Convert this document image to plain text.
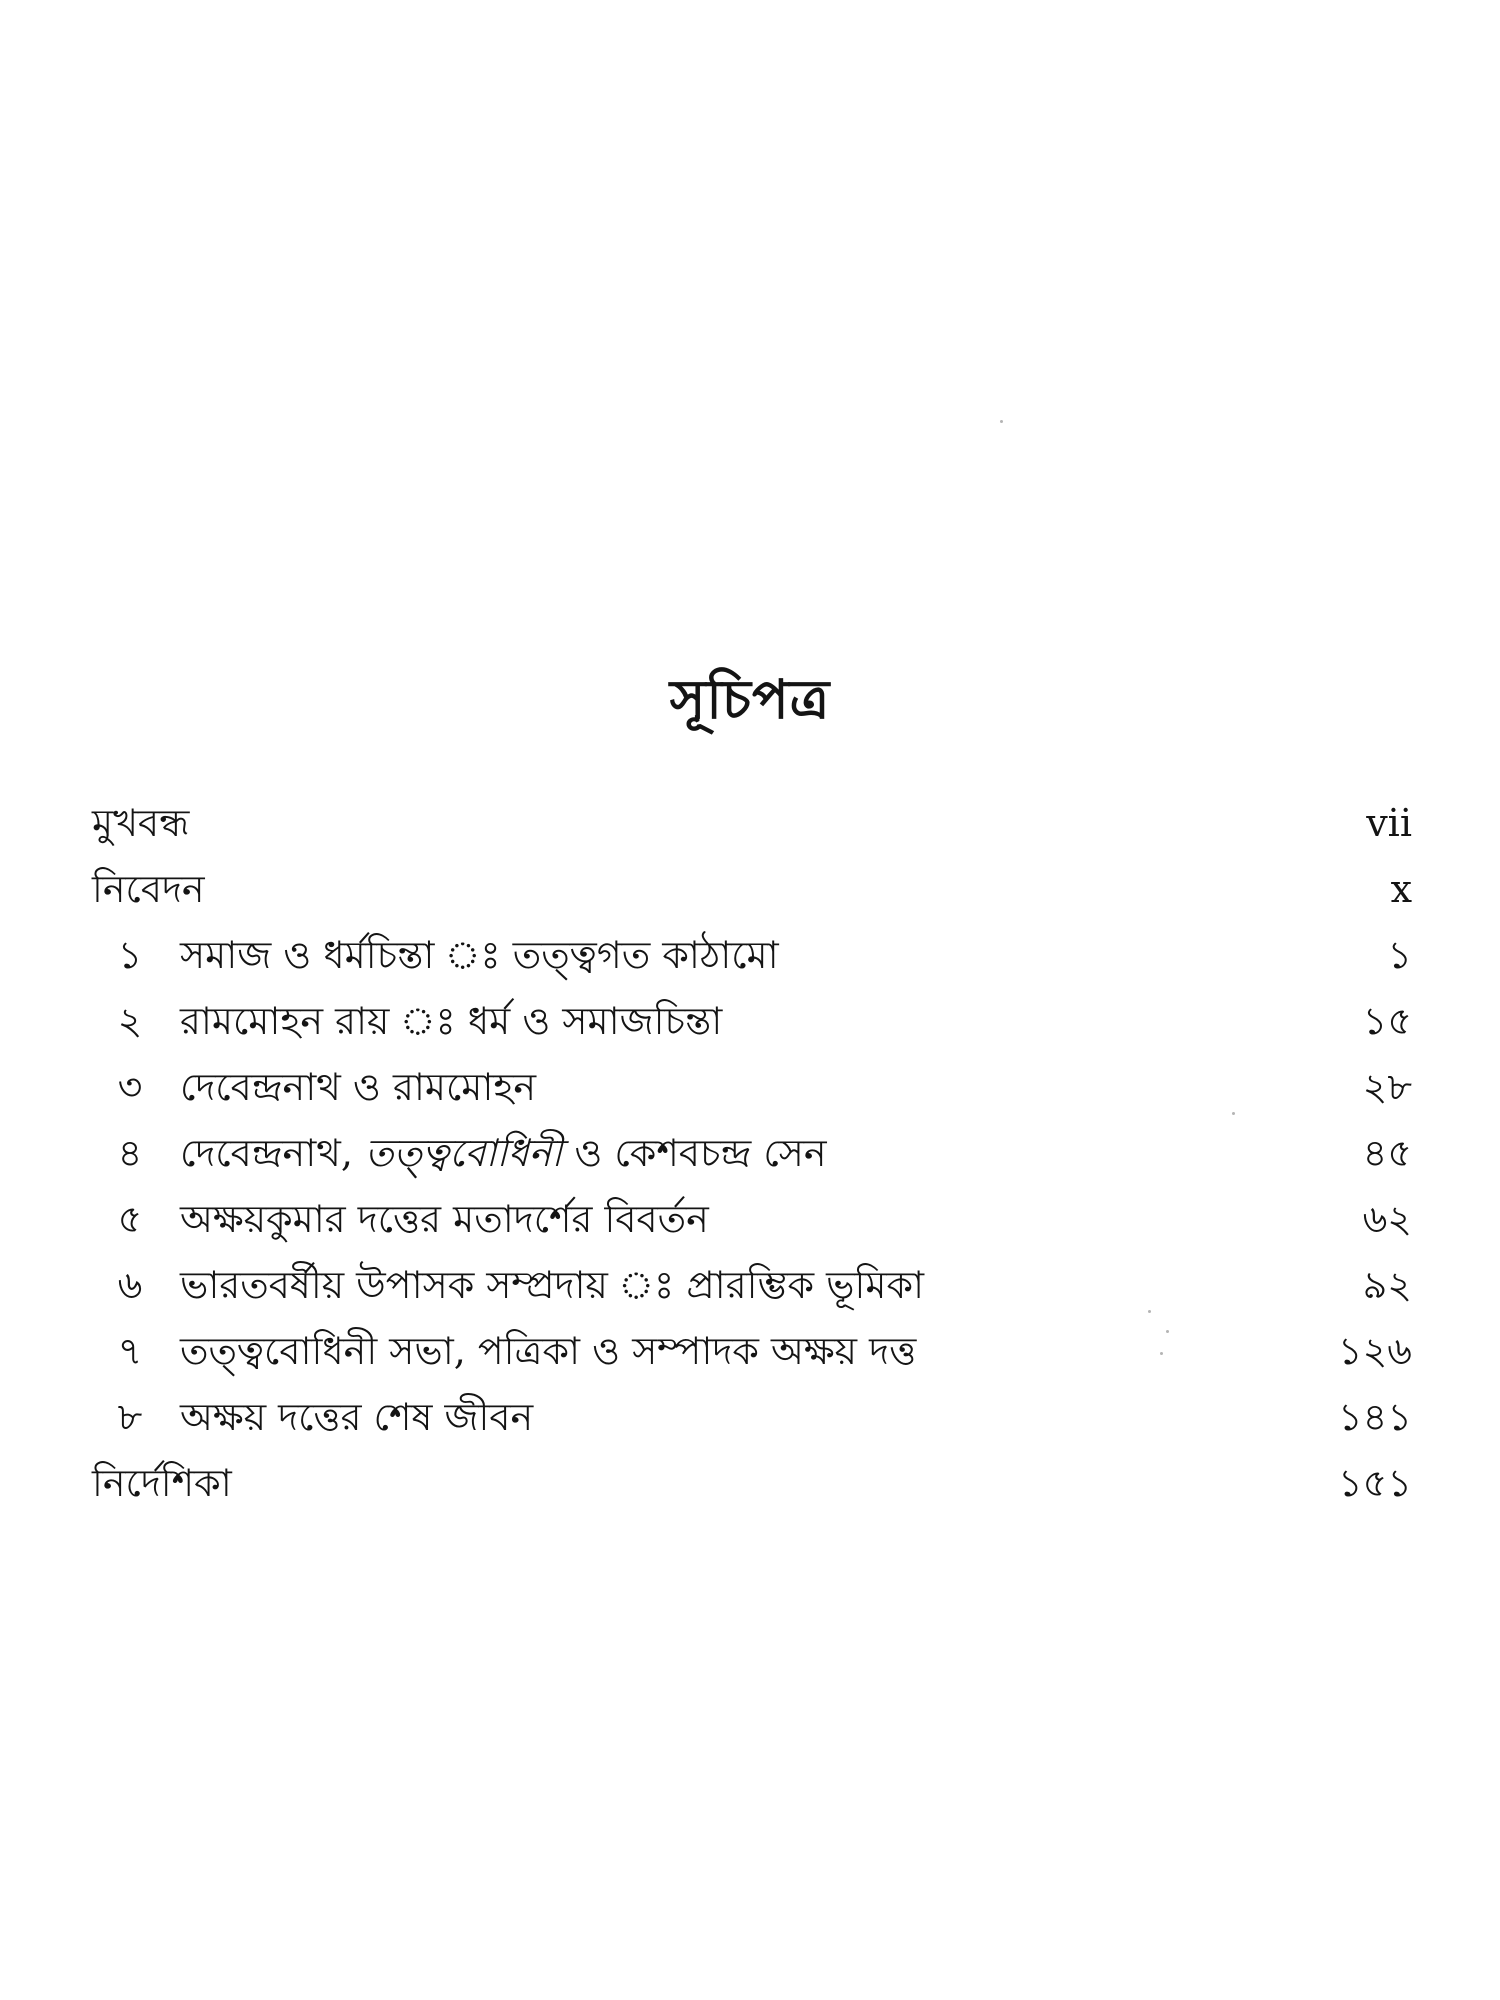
সূচিপত্র
মুখবন্ধ	vii
নিবেদন	x
১ সমাজ ও ধর্মচিন্তা ঃ তত্ত্বগত কাঠামো	১
২ রামমোহন রায় ঃ ধর্ম ও সমাজচিন্তা	১৫
৩ দেবেন্দ্রনাথ ও রামমোহন	২৮
৪ দেবেন্দ্রনাথ, তত্ত্ববোধিনী ও কেশবচন্দ্র সেন	৪৫
৫ অক্ষয়কুমার দত্তের মতাদর্শের বিবর্তন	৬২
৬ ভারতবর্ষীয় উপাসক সম্প্রদায় ঃ প্রারম্ভিক ভূমিকা	৯২
৭ তত্ত্ববোধিনী সভা, পত্রিকা ও সম্পাদক অক্ষয় দত্ত	১২৬
৮ অক্ষয় দত্তের শেষ জীবন	১৪১
নির্দেশিকা	১৫১
